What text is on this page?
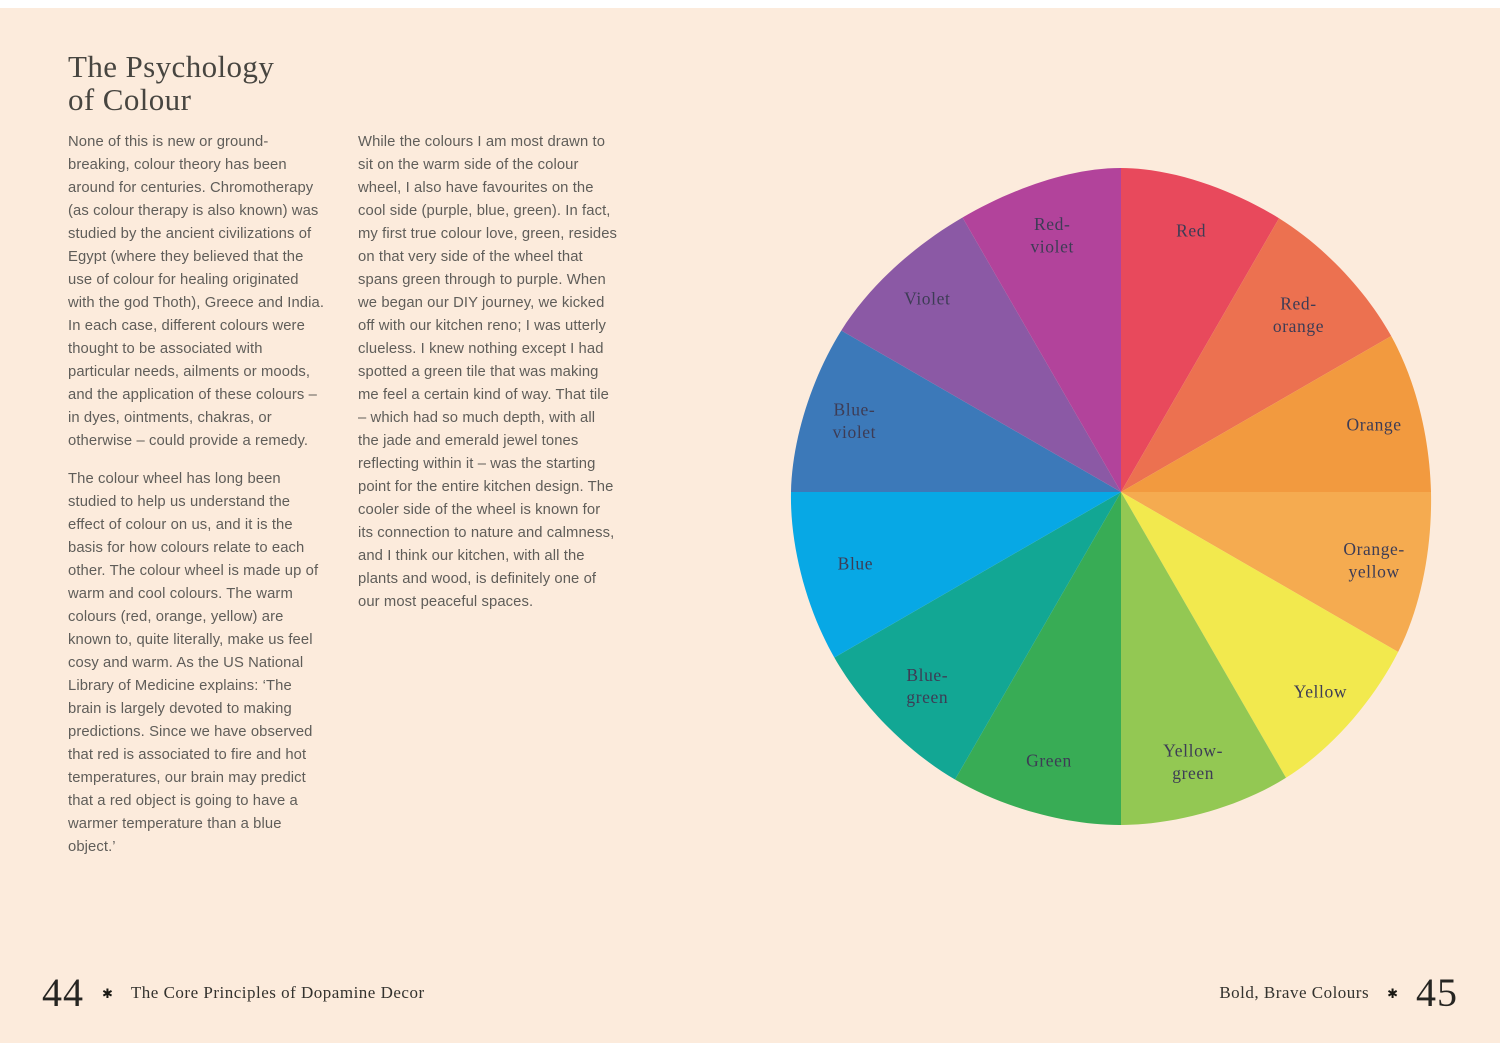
The Psychology
of Colour

None of this is new or ground-breaking, colour theory has been around for centuries. Chromotherapy (as colour therapy is also known) was studied by the ancient civilizations of Egypt (where they believed that the use of colour for healing originated with the god Thoth), Greece and India. In each case, different colours were thought to be associated with particular needs, ailments or moods, and the application of these colours – in dyes, ointments, chakras, or otherwise – could provide a remedy.

The colour wheel has long been studied to help us understand the effect of colour on us, and it is the basis for how colours relate to each other. The colour wheel is made up of warm and cool colours. The warm colours (red, orange, yellow) are known to, quite literally, make us feel cosy and warm. As the US National Library of Medicine explains: ‘The brain is largely devoted to making predictions. Since we have observed that red is associated to fire and hot temperatures, our brain may predict that a red object is going to have a warmer temperature than a blue object.’

While the colours I am most drawn to sit on the warm side of the colour wheel, I also have favourites on the cool side (purple, blue, green). In fact, my first true colour love, green, resides on that very side of the wheel that spans green through to purple. When we began our DIY journey, we kicked off with our kitchen reno; I was utterly clueless. I knew nothing except I had spotted a green tile that was making me feel a certain kind of way. That tile – which had so much depth, with all the jade and emerald jewel tones reflecting within it – was the starting point for the entire kitchen design. The cooler side of the wheel is known for its connection to nature and calmness, and I think our kitchen, with all the plants and wood, is definitely one of our most peaceful spaces.

Red
Red-orange
Orange
Orange-yellow
Yellow
Yellow-green
Green
Blue-green
Blue
Blue-violet
Violet
Red-violet
44 ✱ The Core Principles of Dopamine Decor	Bold, Brave Colours ✱ 45
